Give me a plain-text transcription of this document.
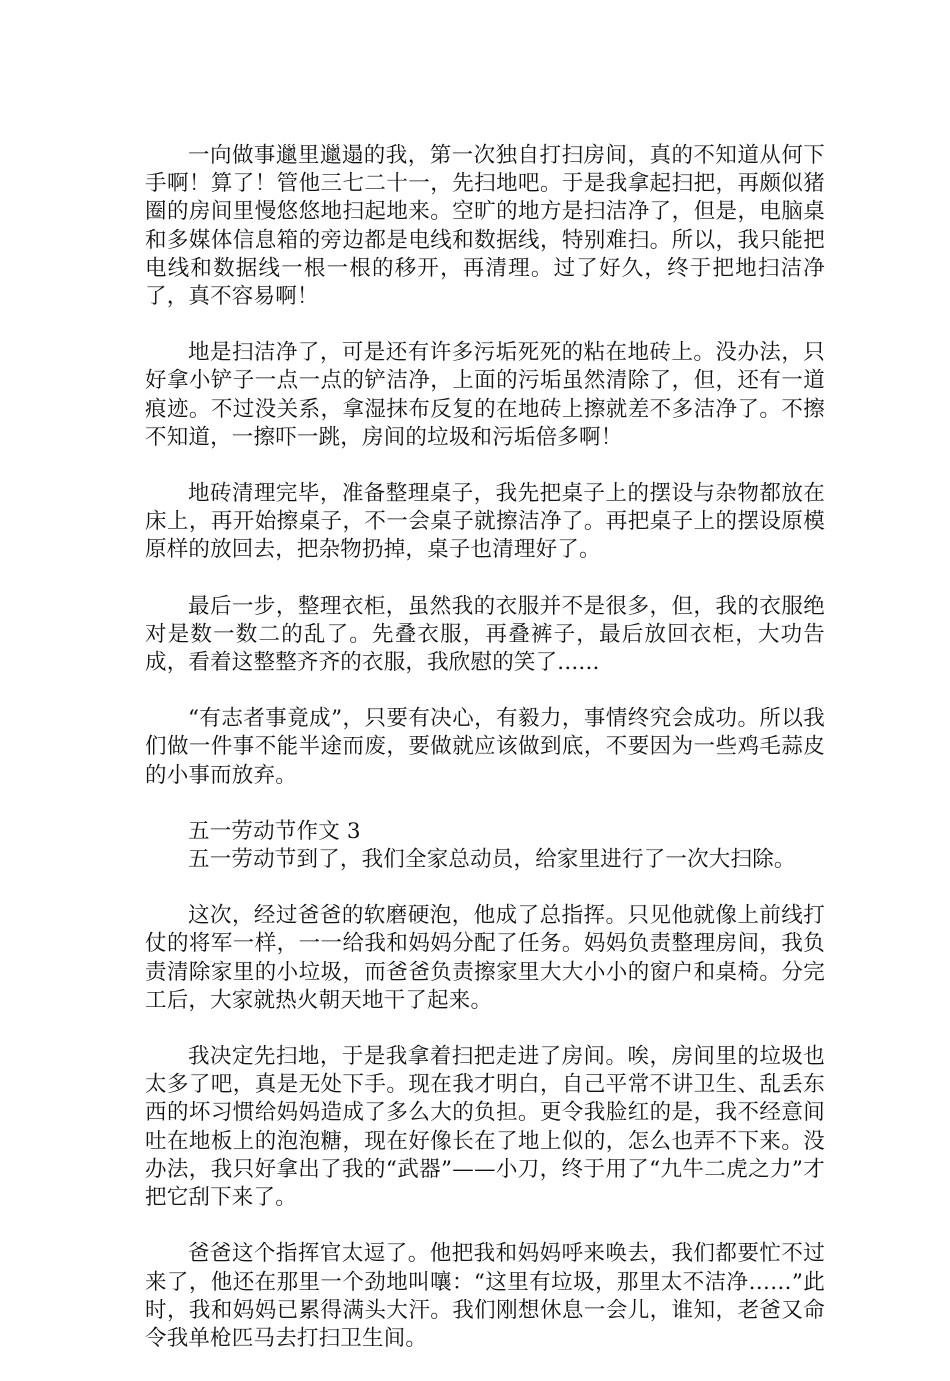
一向做事邋里邋遢的我，第一次独自打扫房间，真的不知道从何下手啊！算了！管他三七二十一，先扫地吧。于是我拿起扫把，再颇似猪圈的房间里慢悠悠地扫起地来。空旷的地方是扫洁净了，但是，电脑桌和多媒体信息箱的旁边都是电线和数据线，特别难扫。所以，我只能把电线和数据线一根一根的移开，再清理。过了好久，终于把地扫洁净了，真不容易啊！

地是扫洁净了，可是还有许多污垢死死的粘在地砖上。没办法，只好拿小铲子一点一点的铲洁净，上面的污垢虽然清除了，但，还有一道痕迹。不过没关系，拿湿抹布反复的在地砖上擦就差不多洁净了。不擦不知道，一擦吓一跳，房间的垃圾和污垢倍多啊！

地砖清理完毕，准备整理桌子，我先把桌子上的摆设与杂物都放在床上，再开始擦桌子，不一会桌子就擦洁净了。再把桌子上的摆设原模原样的放回去，把杂物扔掉，桌子也清理好了。

最后一步，整理衣柜，虽然我的衣服并不是很多，但，我的衣服绝对是数一数二的乱了。先叠衣服，再叠裤子，最后放回衣柜，大功告成，看着这整整齐齐的衣服，我欣慰的笑了......

“有志者事竟成”，只要有决心，有毅力，事情终究会成功。所以我们做一件事不能半途而废，要做就应该做到底，不要因为一些鸡毛蒜皮的小事而放弃。

五一劳动节作文 3

五一劳动节到了，我们全家总动员，给家里进行了一次大扫除。

这次，经过爸爸的软磨硬泡，他成了总指挥。只见他就像上前线打仗的将军一样，一一给我和妈妈分配了任务。妈妈负责整理房间，我负责清除家里的小垃圾，而爸爸负责擦家里大大小小的窗户和桌椅。分完工后，大家就热火朝天地干了起来。

我决定先扫地，于是我拿着扫把走进了房间。唉，房间里的垃圾也太多了吧，真是无处下手。现在我才明白，自己平常不讲卫生、乱丢东西的坏习惯给妈妈造成了多么大的负担。更令我脸红的是，我不经意间吐在地板上的泡泡糖，现在好像长在了地上似的，怎么也弄不下来。没办法，我只好拿出了我的“武器”——小刀，终于用了“九牛二虎之力”才把它刮下来了。

爸爸这个指挥官太逗了。他把我和妈妈呼来唤去，我们都要忙不过来了，他还在那里一个劲地叫嚷：“这里有垃圾，那里太不洁净……”此时，我和妈妈已累得满头大汗。我们刚想休息一会儿，谁知，老爸又命令我单枪匹马去打扫卫生间。
